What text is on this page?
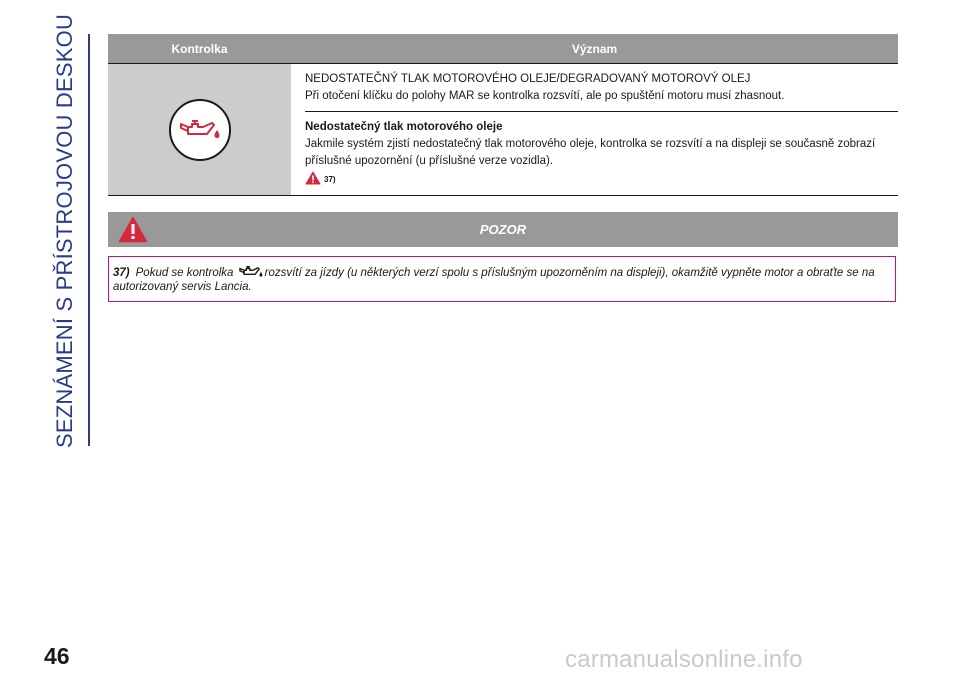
SEZNÁMENÍ S PŘÍSTROJOVOU DESKOU	Kontrolka	Význam
NEDOSTATEČNÝ TLAK MOTOROVÉHO OLEJE/DEGRADOVANÝ MOTOROVÝ OLEJ
Při otočení klíčku do polohy MAR se kontrolka rozsvítí, ale po spuštění motoru musí zhasnout.
Nedostatečný tlak motorového oleje
Jakmile systém zjistí nedostatečný tlak motorového oleje, kontrolka se rozsvítí a na displeji se současně zobrazí příslušné upozornění (u příslušné verze vozidla).
37)
POZOR
37) Pokud se kontrolka	rozsvítí za jízdy (u některých verzí spolu s příslušným upozorněním na displeji), okamžitě vypněte motor a obraťte se na autorizovaný servis Lancia.
46	carmanualsonline.info
